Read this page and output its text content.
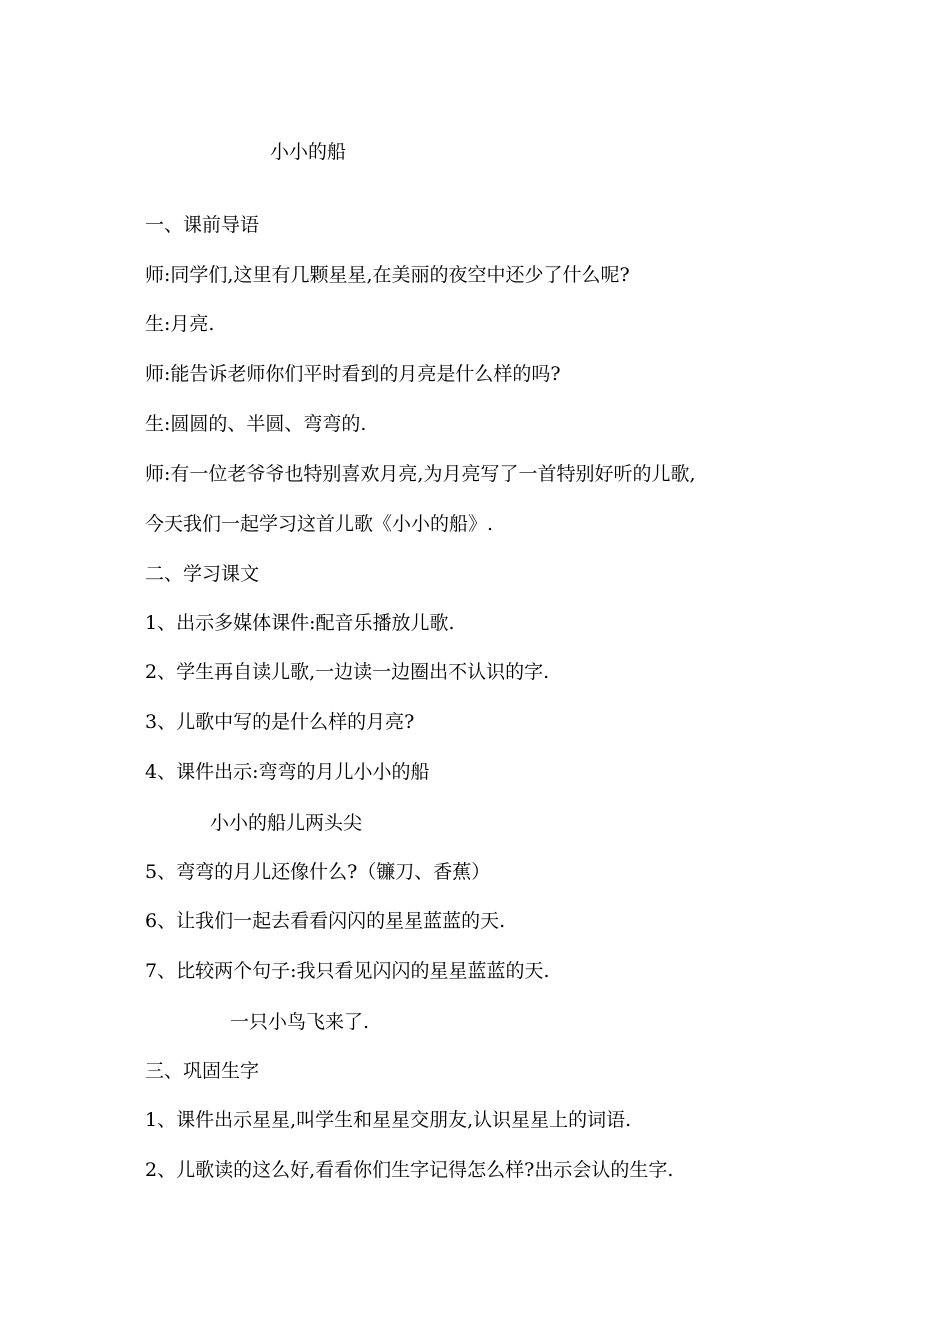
小小的船
一、课前导语
师:同学们,这里有几颗星星,在美丽的夜空中还少了什么呢?
生:月亮.
师:能告诉老师你们平时看到的月亮是什么样的吗?
生:圆圆的、半圆、弯弯的.
师:有一位老爷爷也特别喜欢月亮,为月亮写了一首特别好听的儿歌,
今天我们一起学习这首儿歌《小小的船》.
二、学习课文
1、出示多媒体课件:配音乐播放儿歌.
2、学生再自读儿歌,一边读一边圈出不认识的字.
3、儿歌中写的是什么样的月亮?
4、课件出示:弯弯的月儿小小的船
小小的船儿两头尖
5、弯弯的月儿还像什么?（镰刀、香蕉）
6、让我们一起去看看闪闪的星星蓝蓝的天.
7、比较两个句子:我只看见闪闪的星星蓝蓝的天.
一只小鸟飞来了.
三、巩固生字
1、课件出示星星,叫学生和星星交朋友,认识星星上的词语.
2、儿歌读的这么好,看看你们生字记得怎么样?出示会认的生字.
